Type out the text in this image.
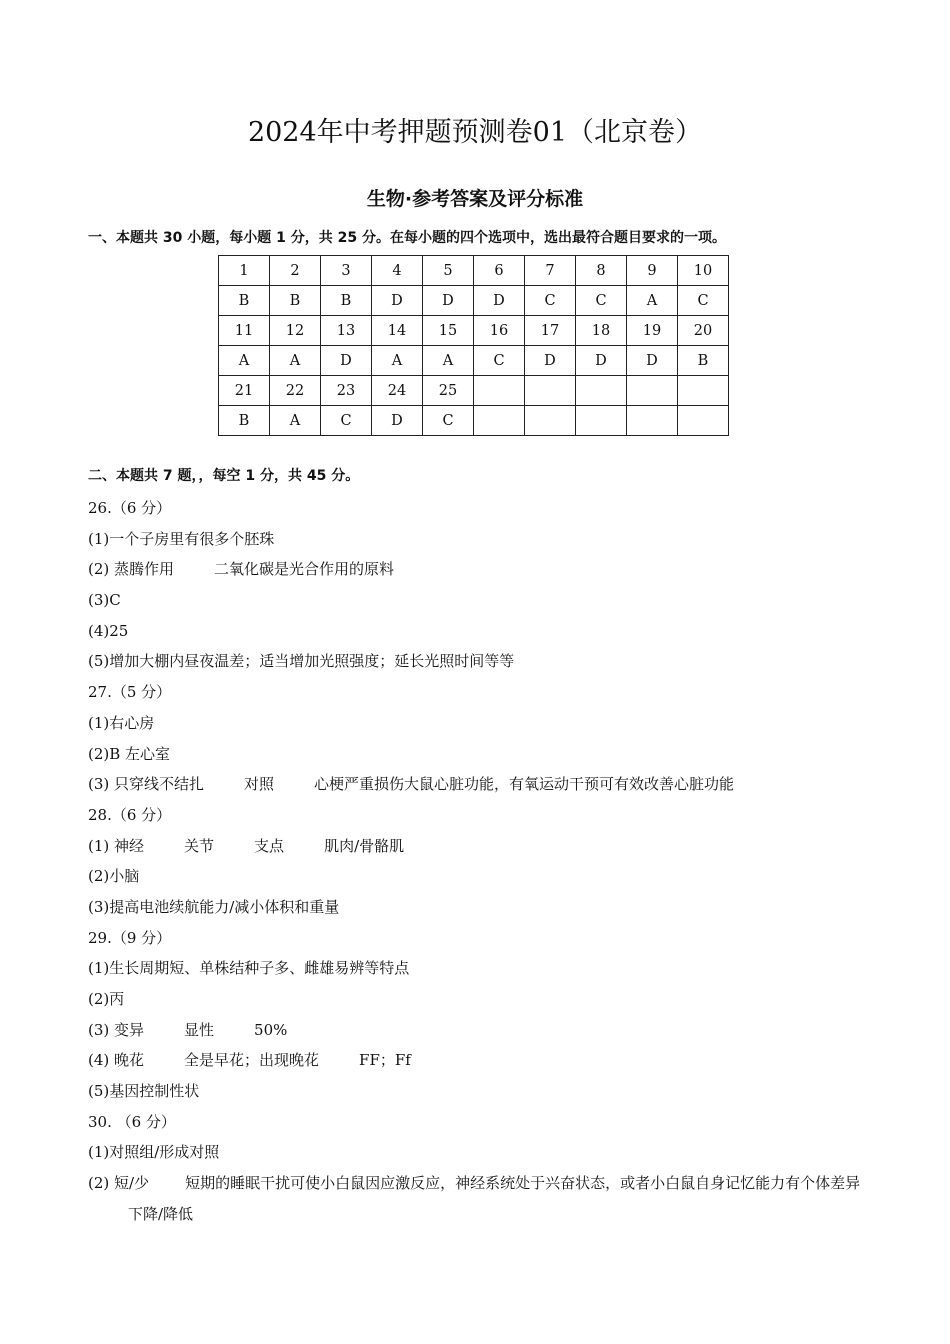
2024年中考押题预测卷01（北京卷）
生物·参考答案及评分标准
一、本题共 30 小题，每小题 1 分，共 25 分。在每小题的四个选项中，选出最符合题目要求的一项。
1	2	3	4	5	6	7	8	9	10
B	B	B	D	D	D	C	C	A	C
11	12	13	14	15	16	17	18	19	20
A	A	D	A	A	C	D	D	D	B
21	22	23	24	25					
B	A	C	D	C					
二、本题共 7 题，，每空 1 分，共 45 分。
26.（6 分）
(1)一个子房里有很多个胚珠
(2) 蒸腾作用	二氧化碳是光合作用的原料
(3)C
(4)25
(5)增加大棚内昼夜温差；适当增加光照强度；延长光照时间等等
27.（5 分）
(1)右心房
(2)B 左心室
(3) 只穿线不结扎	对照	心梗严重损伤大鼠心脏功能，有氧运动干预可有效改善心脏功能
28.（6 分）
(1) 神经	关节	支点	肌肉/骨骼肌
(2)小脑
(3)提高电池续航能力/减小体积和重量
29.（9 分）
(1)生长周期短、单株结种子多、雌雄易辨等特点
(2)丙
(3) 变异	显性	50%
(4) 晚花	全是早花；出现晚花	FF；Ff
(5)基因控制性状
30. （6 分）
(1)对照组/形成对照
(2) 短/少 短期的睡眠干扰可使小白鼠因应激反应，神经系统处于兴奋状态，或者小白鼠自身记忆能力有个体差异下降/降低
